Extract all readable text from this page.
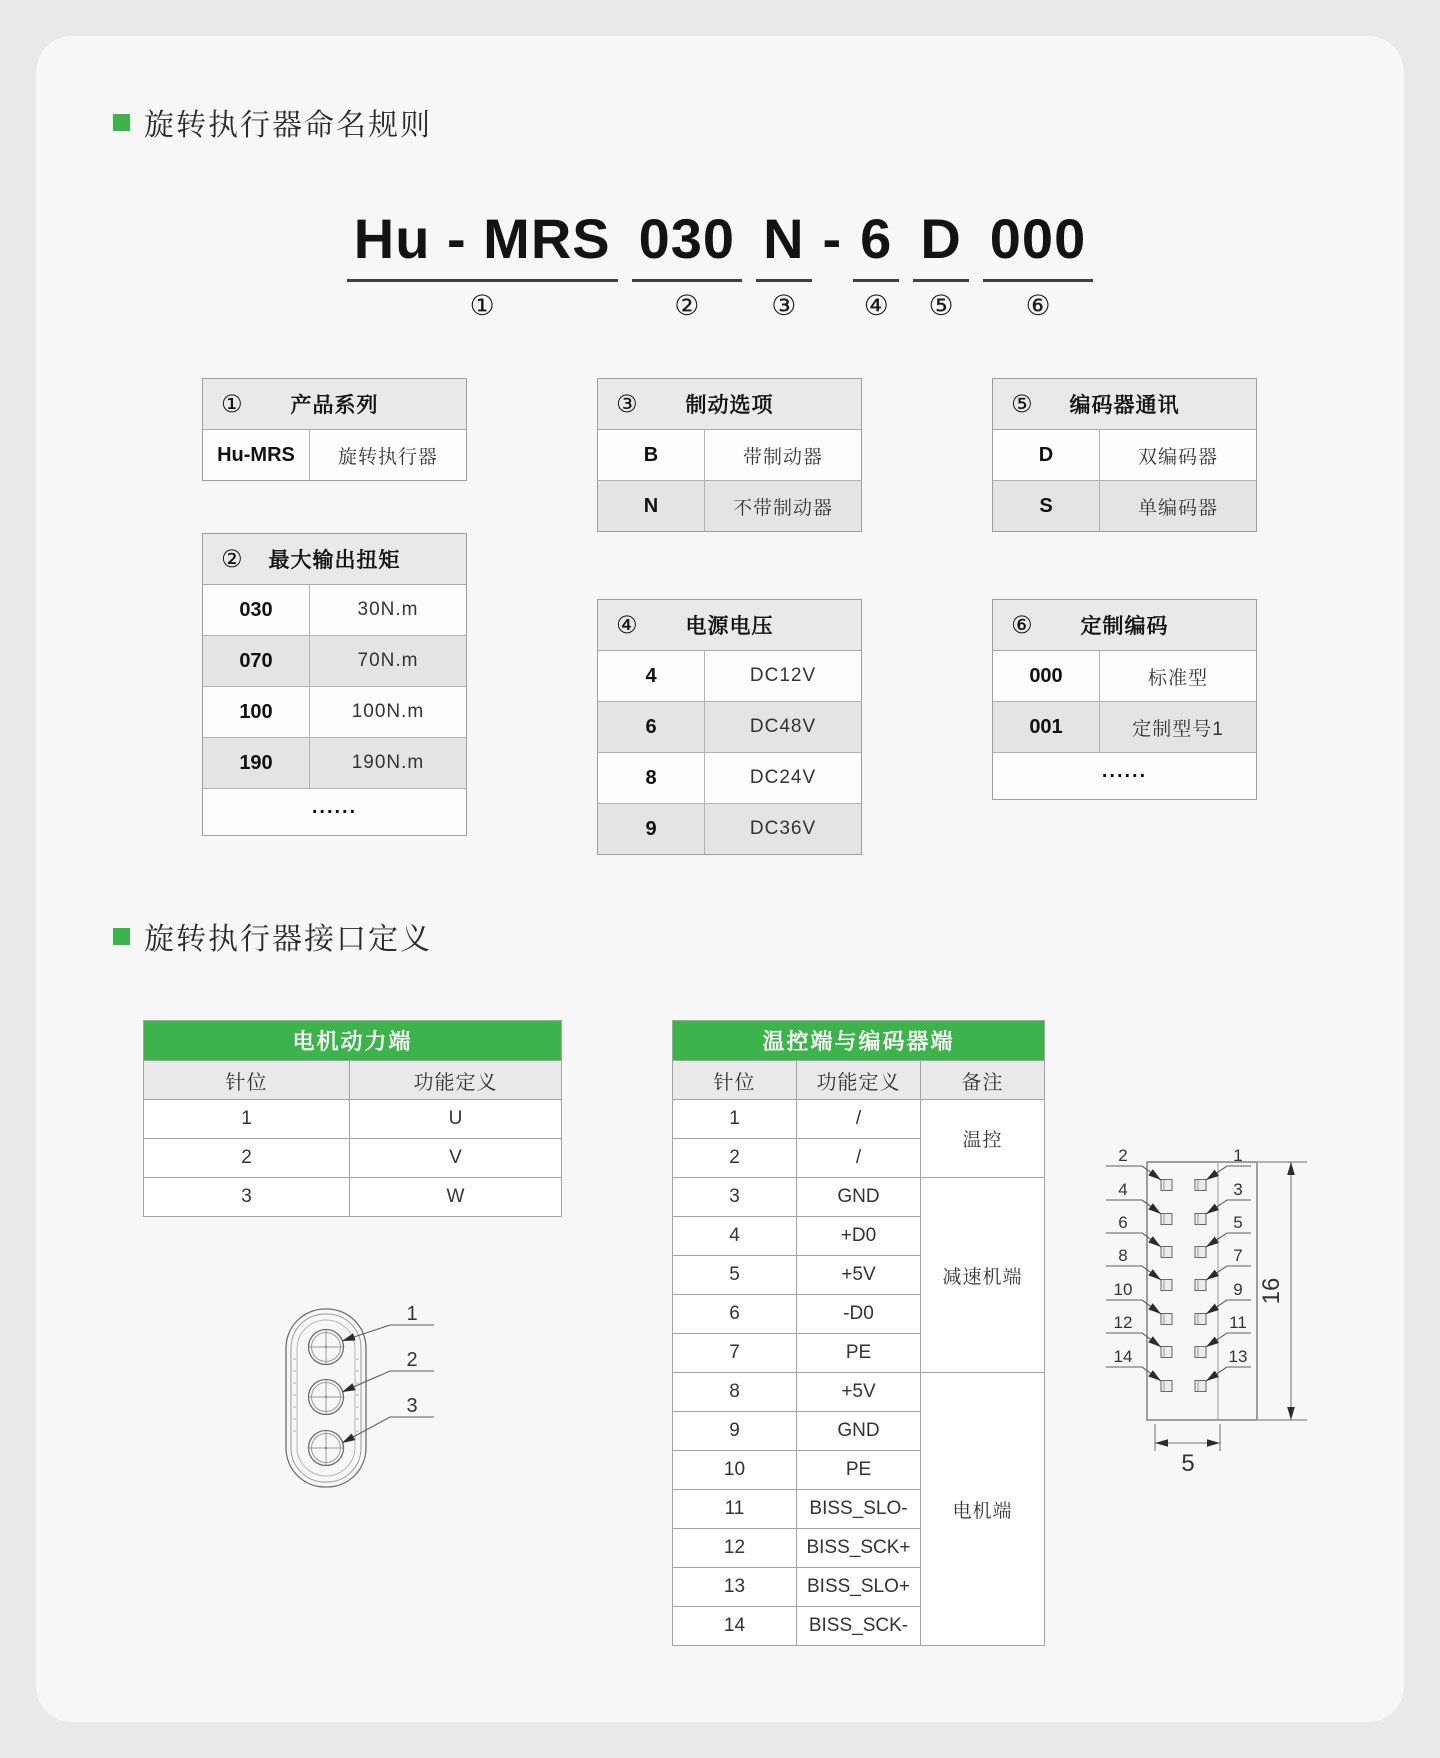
旋转执行器命名规则
Hu - MRS
①
030
②
N
③
- 6
④
D
⑤
000
⑥
① 产品系列
Hu-MRS	旋转执行器
② 最大输出扭矩
030	30N.m
070	70N.m
100	100N.m
190	190N.m
......
③ 制动选项
B	带制动器
N	不带制动器
④ 电源电压
4	DC12V
6	DC48V
8	DC24V
9	DC36V
⑤ 编码器通讯
D	双编码器
S	单编码器
⑥ 定制编码
000	标准型
001	定制型号1
......
旋转执行器接口定义
电机动力端	
针位	功能定义
1	U
2	V
3	W
温控端与编码器端		
针位	功能定义	备注
1	/	温控
2	/	
3	GND	减速机端
4	+D0	
5	+5V	
6	-D0	
7	PE	
8	+5V	电机端
9	GND	
10	PE	
11	BISS_SLO-	
12	BISS_SCK+	
13	BISS_SLO+	
14	BISS_SCK-	
1
2
3
2
4
6
8
10
12
14
1
3
5
7
9
11
13
16
5
